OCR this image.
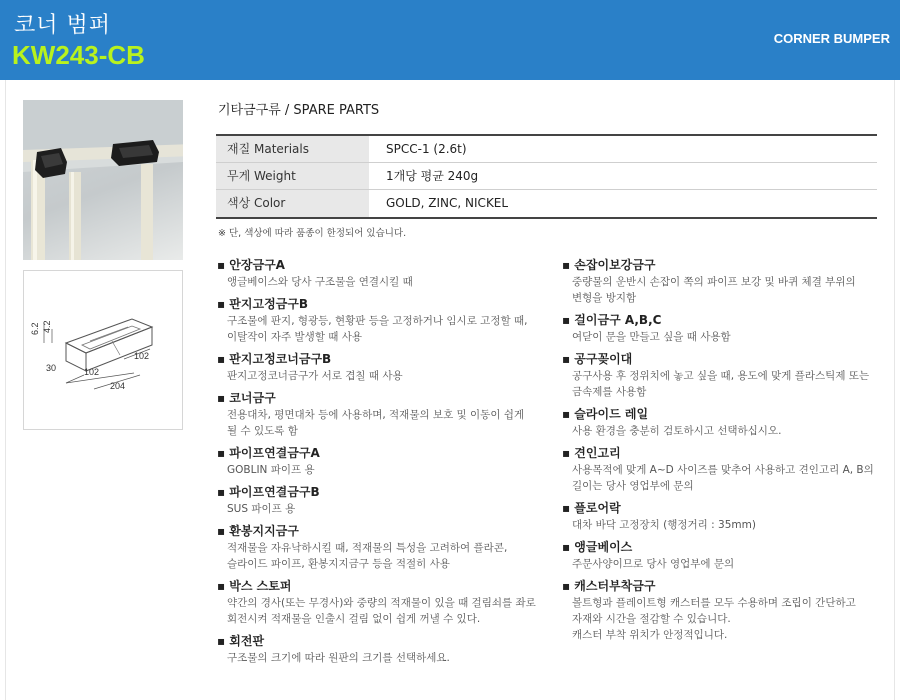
코너 범퍼
KW243-CB
CORNER BUMPER
6.2 4.2
102
30	102
204
기타금구류 / SPARE PARTS
재질 Materials	SPCC-1 (2.6t)
무게 Weight	1개당 평균 240g
색상 Color	GOLD, ZINC, NICKEL
※ 단, 색상에 따라 품종이 한정되어 있습니다.
▪ 안장금구A
앵글베이스와 당사 구조물을 연결시킬 때
▪ 판지고정금구B
구조물에 판지, 형광등, 현황판 등을 고정하거나 임시로 고정할 때,
이탈작이 자주 발생할 때 사용
▪ 판지고정코너금구B
판지고정코너금구가 서로 겹칠 때 사용
▪ 코너금구
전용대차, 평면대차 등에 사용하며, 적재물의 보호 및 이동이 쉽게
될 수 있도록 함
▪ 파이프연결금구A
GOBLIN 파이프 용
▪ 파이프연결금구B
SUS 파이프 용
▪ 환봉지지금구
적재물을 자유낙하시킬 때, 적재물의 특성을 고려하여 플라콘,
슬라이드 파이프, 환봉지지금구 등을 적절히 사용
▪ 박스 스토퍼
약간의 경사(또는 무경사)와 중량의 적재물이 있을 때 걸림쇠를 좌로
회전시켜 적재물을 인출시 걸림 없이 쉽게 꺼낼 수 있다.
▪ 회전판
구조물의 크기에 따라 원판의 크기를 선택하세요.
▪ 손잡이보강금구
중량물의 운반시 손잡이 쪽의 파이프 보강 및 바퀴 체결 부위의
변형을 방지함
▪ 걸이금구 A,B,C
여닫이 문을 만들고 싶을 때 사용함
▪ 공구꽂이대
공구사용 후 정위치에 놓고 싶을 때, 용도에 맞게 플라스틱제 또는
금속제를 사용함
▪ 슬라이드 레일
사용 환경을 충분히 검토하시고 선택하십시오.
▪ 견인고리
사용목적에 맞게 A~D 사이즈를 맞추어 사용하고 견인고리 A, B의
길이는 당사 영업부에 문의
▪ 플로어락
대차 바닥 고정장치 (행정거리 : 35mm)
▪ 앵글베이스
주문사양이므로 당사 영업부에 문의
▪ 캐스터부착금구
볼트형과 플레이트형 캐스터를 모두 수용하며 조립이 간단하고
자재와 시간을 절감할 수 있습니다.
캐스터 부착 위치가 안정적입니다.
